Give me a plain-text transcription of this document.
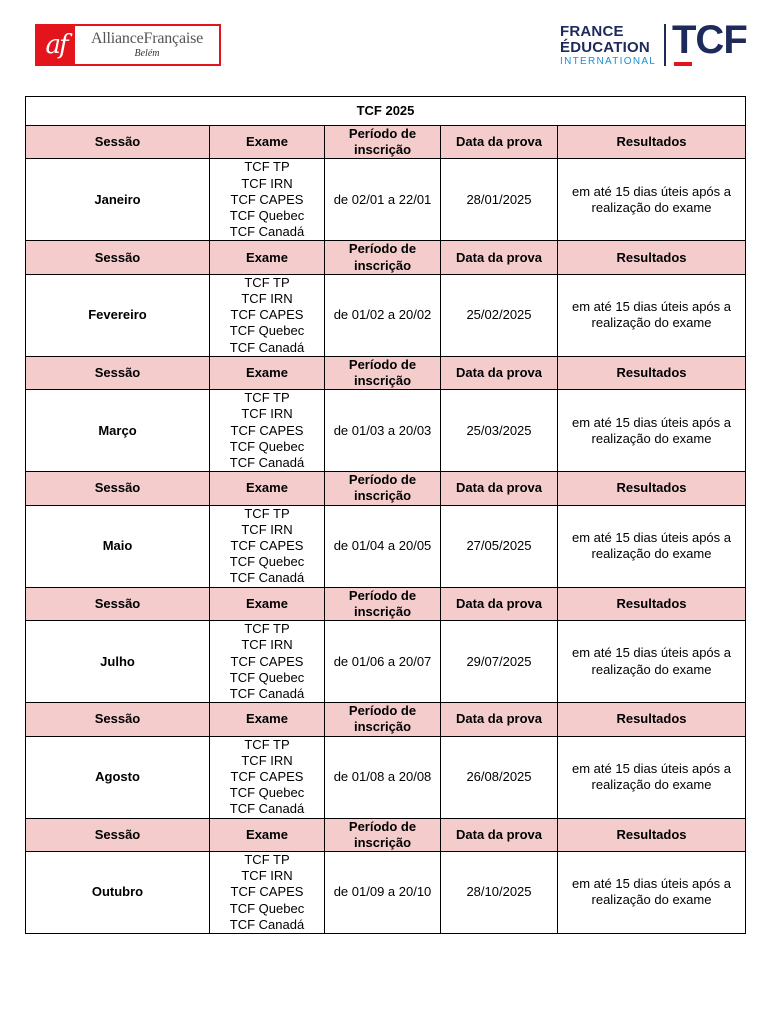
af	AllianceFrançaise
Belém
FRANCE
ÉDUCATION
INTERNATIONAL TCF
TCF 2025				
Sessão	Exame	Período de inscrição	Data da prova	Resultados
Janeiro	TCF TP
TCF IRN
TCF CAPES
TCF Quebec
TCF Canadá	de 02/01 a 22/01	28/01/2025	em até 15 dias úteis após a realização do exame
Sessão	Exame	Período de inscrição	Data da prova	Resultados
Fevereiro	TCF TP
TCF IRN
TCF CAPES
TCF Quebec
TCF Canadá	de 01/02 a 20/02	25/02/2025	em até 15 dias úteis após a realização do exame
Sessão	Exame	Período de inscrição	Data da prova	Resultados
Março	TCF TP
TCF IRN
TCF CAPES
TCF Quebec
TCF Canadá	de 01/03 a 20/03	25/03/2025	em até 15 dias úteis após a realização do exame
Sessão	Exame	Período de inscrição	Data da prova	Resultados
Maio	TCF TP
TCF IRN
TCF CAPES
TCF Quebec
TCF Canadá	de 01/04 a 20/05	27/05/2025	em até 15 dias úteis após a realização do exame
Sessão	Exame	Período de inscrição	Data da prova	Resultados
Julho	TCF TP
TCF IRN
TCF CAPES
TCF Quebec
TCF Canadá	de 01/06 a 20/07	29/07/2025	em até 15 dias úteis após a realização do exame
Sessão	Exame	Período de inscrição	Data da prova	Resultados
Agosto	TCF TP
TCF IRN
TCF CAPES
TCF Quebec
TCF Canadá	de 01/08 a 20/08	26/08/2025	em até 15 dias úteis após a realização do exame
Sessão	Exame	Período de inscrição	Data da prova	Resultados
Outubro	TCF TP
TCF IRN
TCF CAPES
TCF Quebec
TCF Canadá	de 01/09 a 20/10	28/10/2025	em até 15 dias úteis após a realização do exame
